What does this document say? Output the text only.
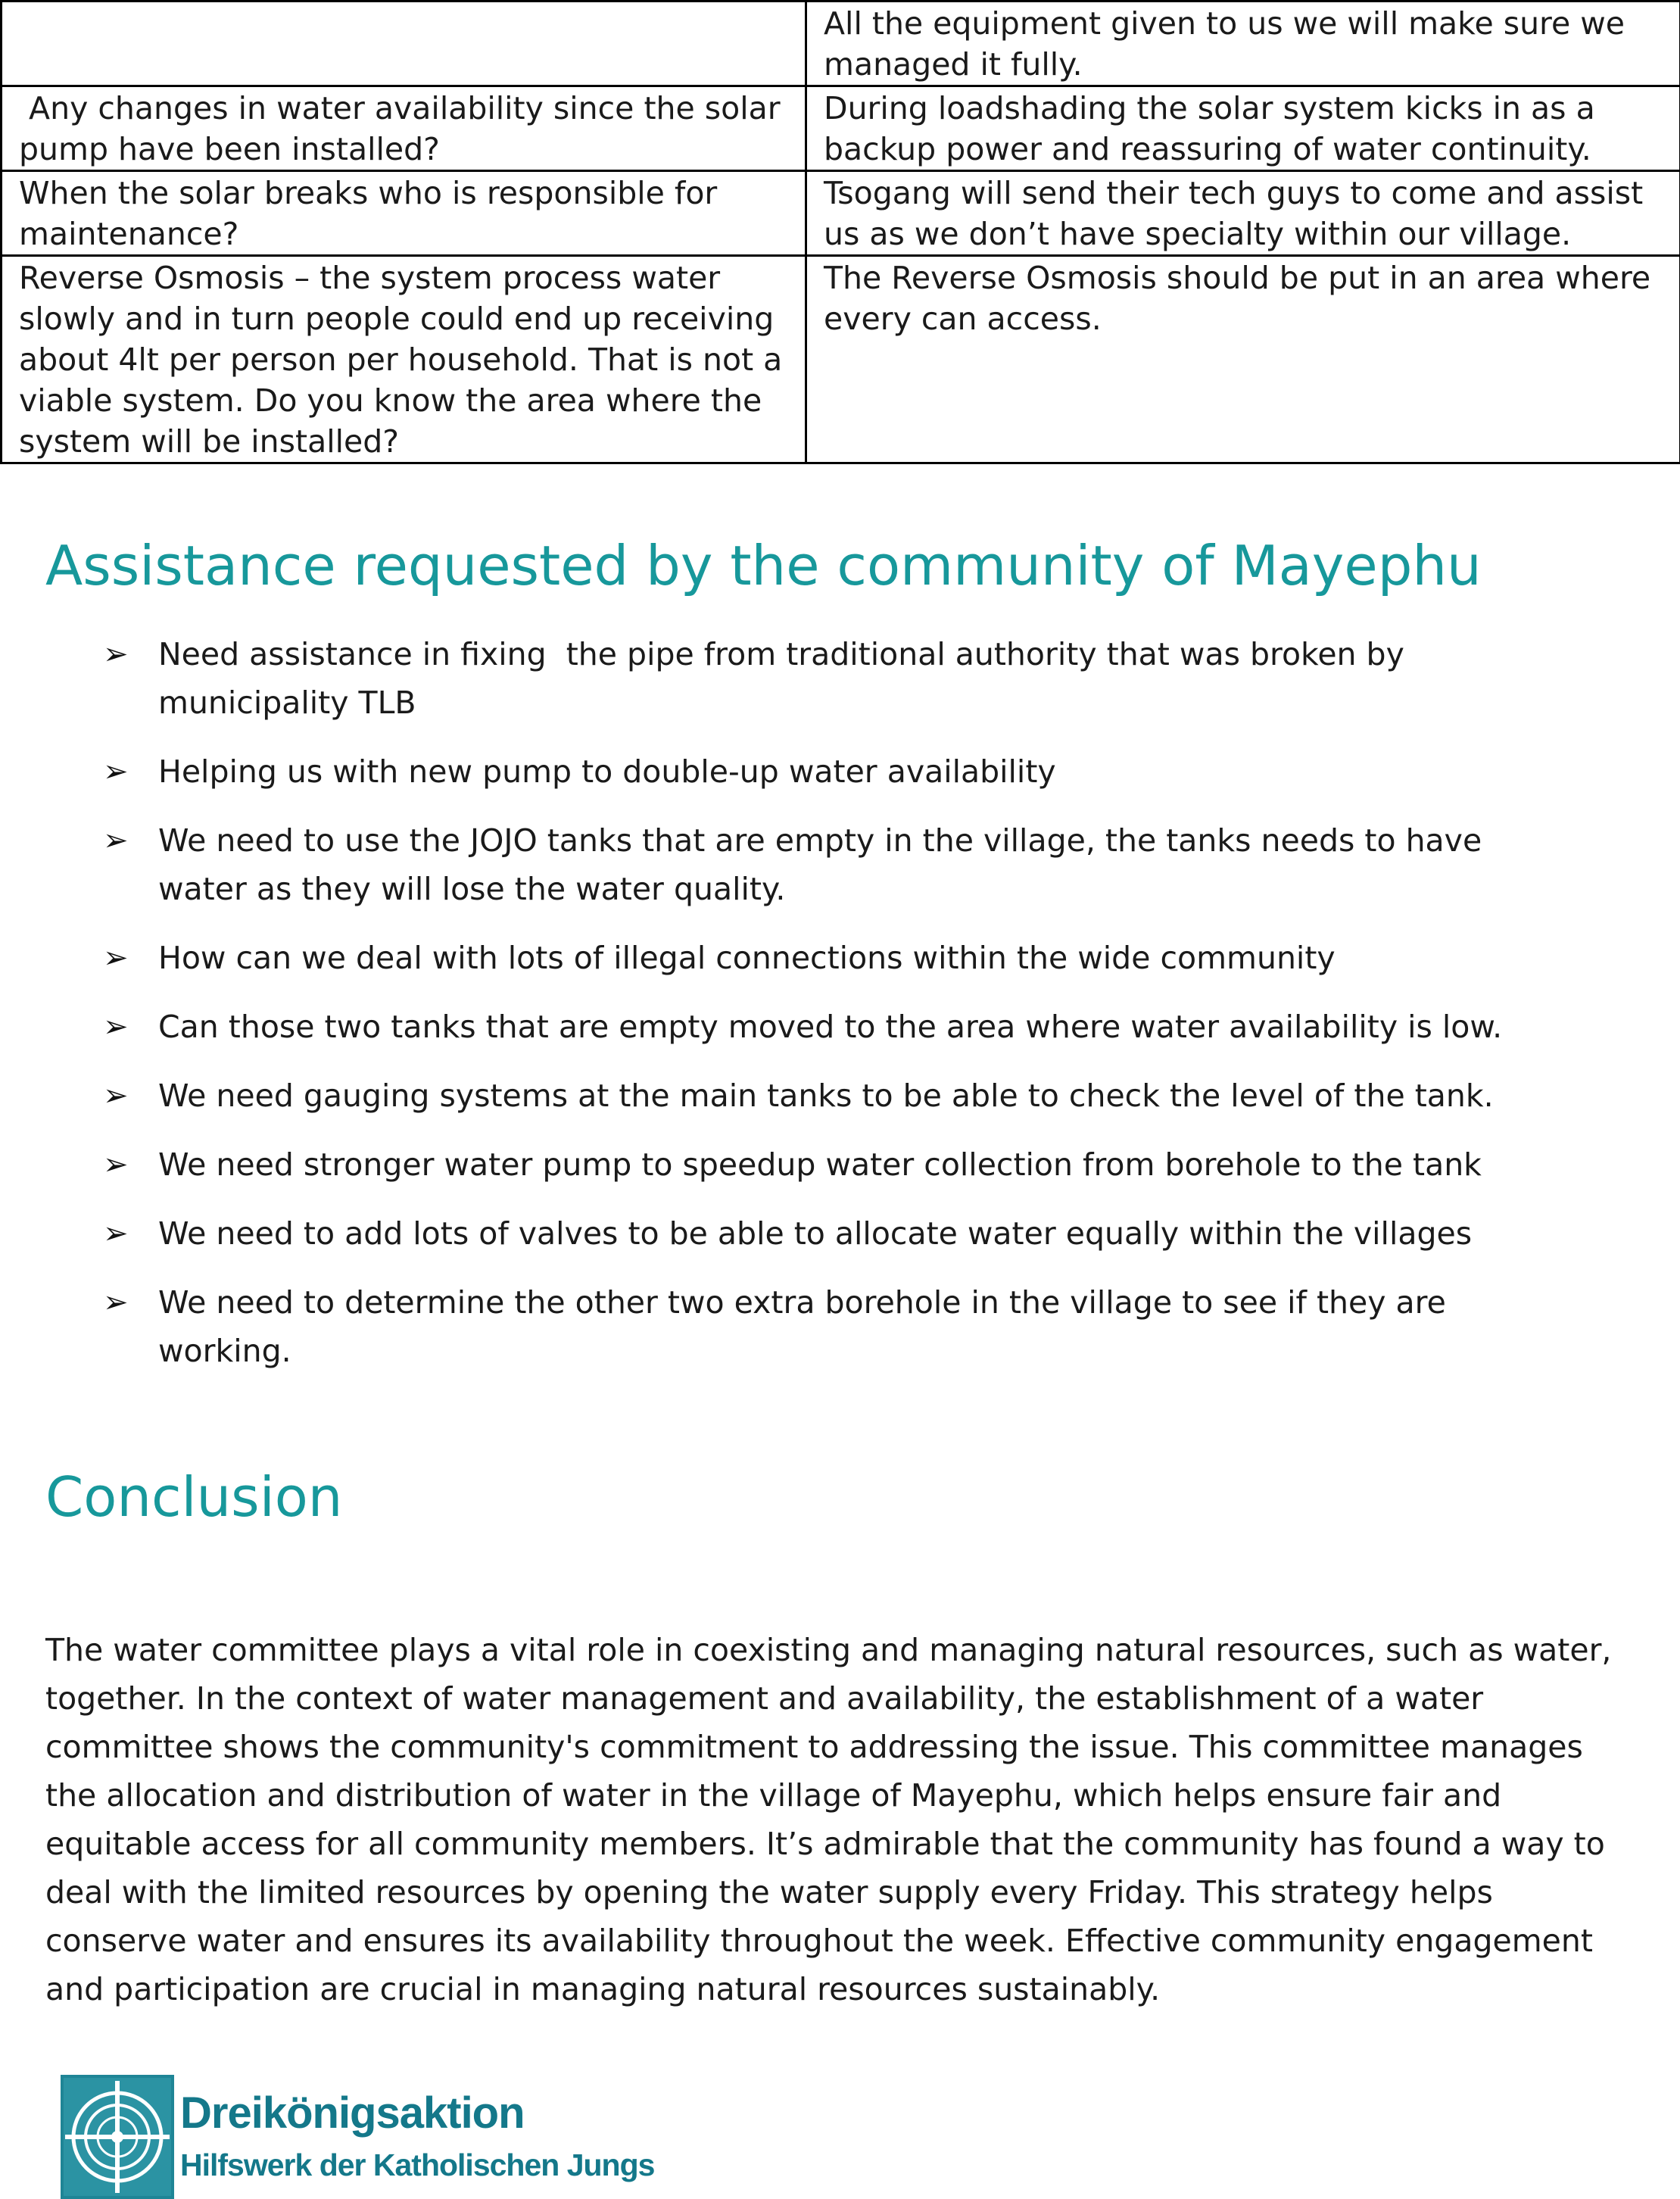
	All the equipment given to us we will make sure we managed it fully.
Any changes in water availability since the solar pump have been installed?	During loadshading the solar system kicks in as a backup power and reassuring of water continuity.
When the solar breaks who is responsible for maintenance?	Tsogang will send their tech guys to come and assist us as we don’t have specialty within our village.
Reverse Osmosis – the system process water slowly and in turn people could end up receiving about 4lt per person per household. That is not a viable system. Do you know the area where the system will be installed?	The Reverse Osmosis should be put in an area where every can access.
Assistance requested by the community of Mayephu
➢ Need assistance in fixing  the pipe from traditional authority that was broken by municipality TLB
➢ Helping us with new pump to double-up water availability
➢ We need to use the JOJO tanks that are empty in the village, the tanks needs to have water as they will lose the water quality.
➢ How can we deal with lots of illegal connections within the wide community
➢ Can those two tanks that are empty moved to the area where water availability is low.
➢ We need gauging systems at the main tanks to be able to check the level of the tank.
➢ We need stronger water pump to speedup water collection from borehole to the tank
➢ We need to add lots of valves to be able to allocate water equally within the villages
➢ We need to determine the other two extra borehole in the village to see if they are working.
Conclusion

The water committee plays a vital role in coexisting and managing natural resources, such as water, together. In the context of water management and availability, the establishment of a water committee shows the community's commitment to addressing the issue. This committee manages the allocation and distribution of water in the village of Mayephu, which helps ensure fair and equitable access for all community members. It’s admirable that the community has found a way to deal with the limited resources by opening the water supply every Friday. This strategy helps conserve water and ensures its availability throughout the week. Effective community engagement and participation are crucial in managing natural resources sustainably.

Dreikönigsaktion
Hilfswerk der Katholischen Jungs
